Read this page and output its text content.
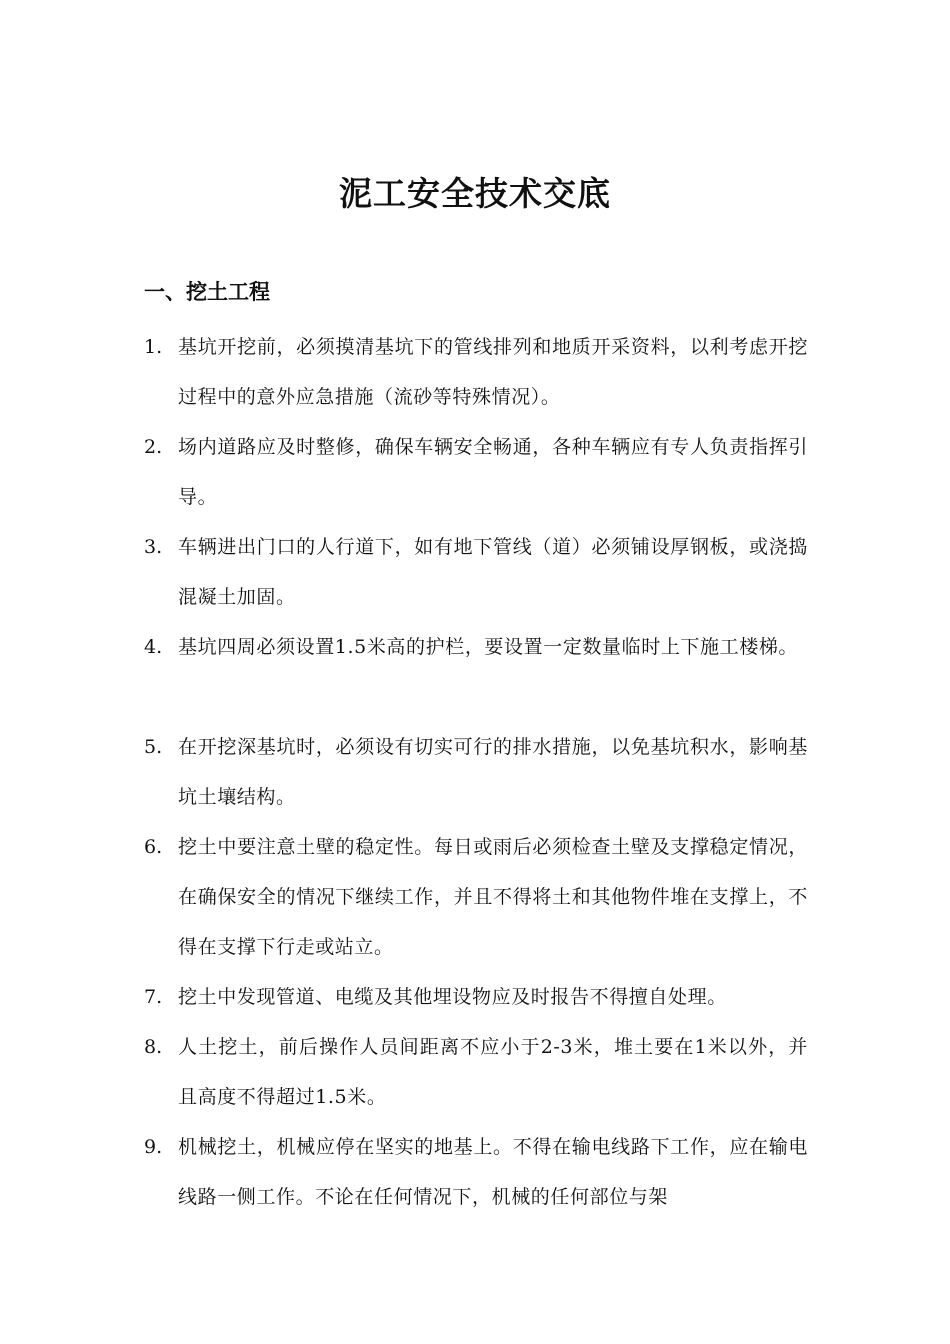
泥工安全技术交底
一、挖土工程
1. 基坑开挖前，必须摸清基坑下的管线排列和地质开采资料，以利考虑开挖过程中的意外应急措施（流砂等特殊情况）。
2. 场内道路应及时整修，确保车辆安全畅通，各种车辆应有专人负责指挥引导。
3. 车辆进出门口的人行道下，如有地下管线（道）必须铺设厚钢板，或浇捣混凝土加固。
4. 基坑四周必须设置1.5米高的护栏，要设置一定数量临时上下施工楼梯。
5. 在开挖深基坑时，必须设有切实可行的排水措施，以免基坑积水，影响基坑土壤结构。
6. 挖土中要注意土壁的稳定性。每日或雨后必须检查土壁及支撑稳定情况，在确保安全的情况下继续工作，并且不得将土和其他物件堆在支撑上，不得在支撑下行走或站立。
7. 挖土中发现管道、电缆及其他埋设物应及时报告不得擅自处理。
8. 人土挖土，前后操作人员间距离不应小于2-3米，堆土要在1米以外，并且高度不得超过1.5米。
9. 机械挖土，机械应停在坚实的地基上。不得在输电线路下工作，应在输电线路一侧工作。不论在任何情况下，机械的任何部位与架
